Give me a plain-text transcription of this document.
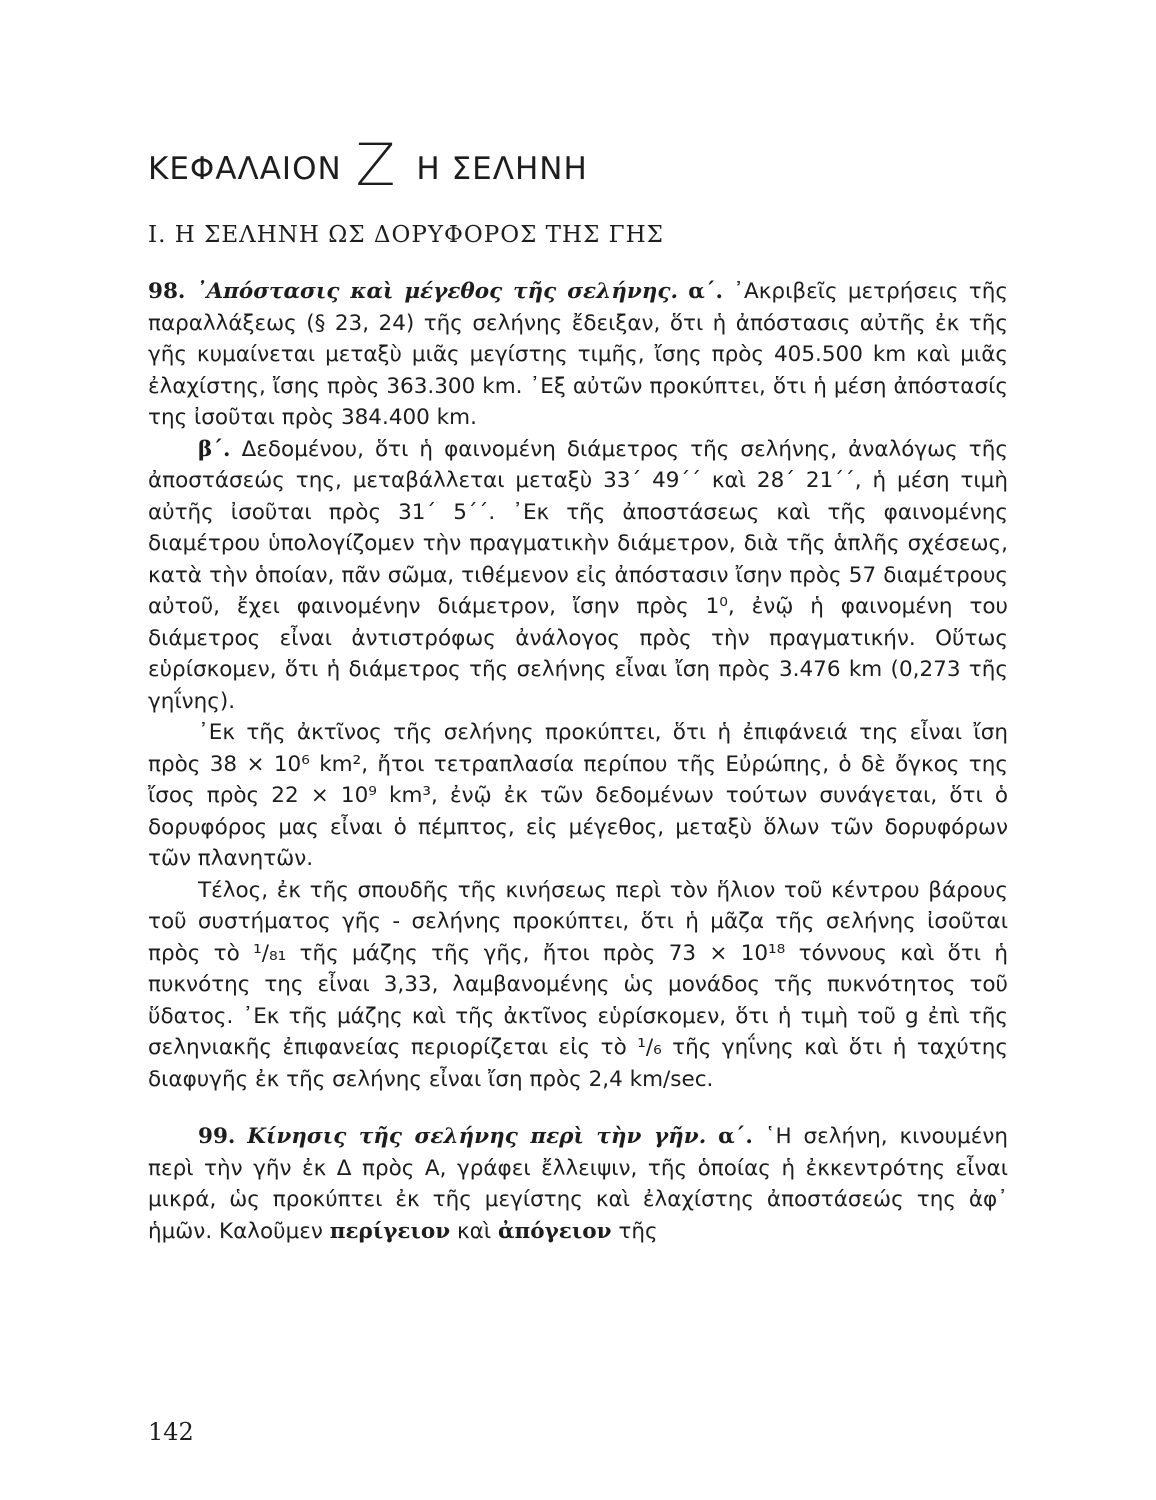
ΚΕΦΑΛΑΙΟΝ Ζ Η ΣΕΛΗΝΗ
I. Η ΣΕΛΗΝΗ ΩΣ ΔΟΡΥΦΟΡΟΣ ΤΗΣ ΓΗΣ

98. ᾿Απόστασις καὶ μέγεθος τῆς σελήνης. α΄. ᾿Ακριβεῖς μετρήσεις τῆς παραλλάξεως (§ 23, 24) τῆς σελήνης ἔδειξαν, ὅτι ἡ ἀπόστασις αὐτῆς ἐκ τῆς γῆς κυμαίνεται μεταξὺ μιᾶς μεγίστης τιμῆς, ἴσης πρὸς 405.500 km καὶ μιᾶς ἐλαχίστης, ἴσης πρὸς 363.300 km. ᾿Εξ αὐτῶν προκύπτει, ὅτι ἡ μέση ἀπόστασίς της ἰσοῦται πρὸς 384.400 km.

β΄. Δεδομένου, ὅτι ἡ φαινομένη διάμετρος τῆς σελήνης, ἀναλόγως τῆς ἀποστάσεώς της, μεταβάλλεται μεταξὺ 33΄ 49΄΄ καὶ 28΄ 21΄΄, ἡ μέση τιμὴ αὐτῆς ἰσοῦται πρὸς 31΄ 5΄΄. ᾿Εκ τῆς ἀποστάσεως καὶ τῆς φαινομένης διαμέτρου ὑπολογίζομεν τὴν πραγματικὴν διάμετρον, διὰ τῆς ἁπλῆς σχέσεως, κατὰ τὴν ὁποίαν, πᾶν σῶμα, τιθέμενον εἰς ἀπόστασιν ἴσην πρὸς 57 διαμέτρους αὐτοῦ, ἔχει φαινομένην διάμετρον, ἴσην πρὸς 1⁰, ἐνῷ ἡ φαινομένη του διάμετρος εἶναι ἀντιστρόφως ἀνάλογος πρὸς τὴν πραγματικήν. Οὕτως εὑρίσκομεν, ὅτι ἡ διάμετρος τῆς σελήνης εἶναι ἴση πρὸς 3.476 km (0,273 τῆς γηΐνης).

᾿Εκ τῆς ἀκτῖνος τῆς σελήνης προκύπτει, ὅτι ἡ ἐπιφάνειά της εἶναι ἴση πρὸς 38 × 10⁶ km², ἤτοι τετραπλασία περίπου τῆς Εὐρώπης, ὁ δὲ ὄγκος της ἴσος πρὸς 22 × 10⁹ km³, ἐνῷ ἐκ τῶν δεδομένων τούτων συνάγεται, ὅτι ὁ δορυφόρος μας εἶναι ὁ πέμπτος, εἰς μέγεθος, μεταξὺ ὅλων τῶν δορυφόρων τῶν πλανητῶν.

Τέλος, ἐκ τῆς σπουδῆς τῆς κινήσεως περὶ τὸν ἥλιον τοῦ κέντρου βάρους τοῦ συστήματος γῆς - σελήνης προκύπτει, ὅτι ἡ μᾶζα τῆς σελήνης ἰσοῦται πρὸς τὸ ¹/₈₁ τῆς μάζης τῆς γῆς, ἤτοι πρὸς 73 × 10¹⁸ τόννους καὶ ὅτι ἡ πυκνότης της εἶναι 3,33, λαμβανομένης ὡς μονάδος τῆς πυκνότητος τοῦ ὕδατος. ᾿Εκ τῆς μάζης καὶ τῆς ἀκτῖνος εὑρίσκομεν, ὅτι ἡ τιμὴ τοῦ g ἐπὶ τῆς σεληνιακῆς ἐπιφανείας περιορίζεται εἰς τὸ ¹/₆ τῆς γηΐνης καὶ ὅτι ἡ ταχύτης διαφυγῆς ἐκ τῆς σελήνης εἶναι ἴση πρὸς 2,4 km/sec.

99. Κίνησις τῆς σελήνης περὶ τὴν γῆν. α΄. ῾Η σελήνη, κινουμένη περὶ τὴν γῆν ἐκ Δ πρὸς Α, γράφει ἔλλειψιν, τῆς ὁποίας ἡ ἐκκεντρότης εἶναι μικρά, ὡς προκύπτει ἐκ τῆς μεγίστης καὶ ἐλαχίστης ἀποστάσεώς της ἀφ᾿ ἡμῶν. Καλοῦμεν περίγειον καὶ ἀπόγειον τῆς

142
